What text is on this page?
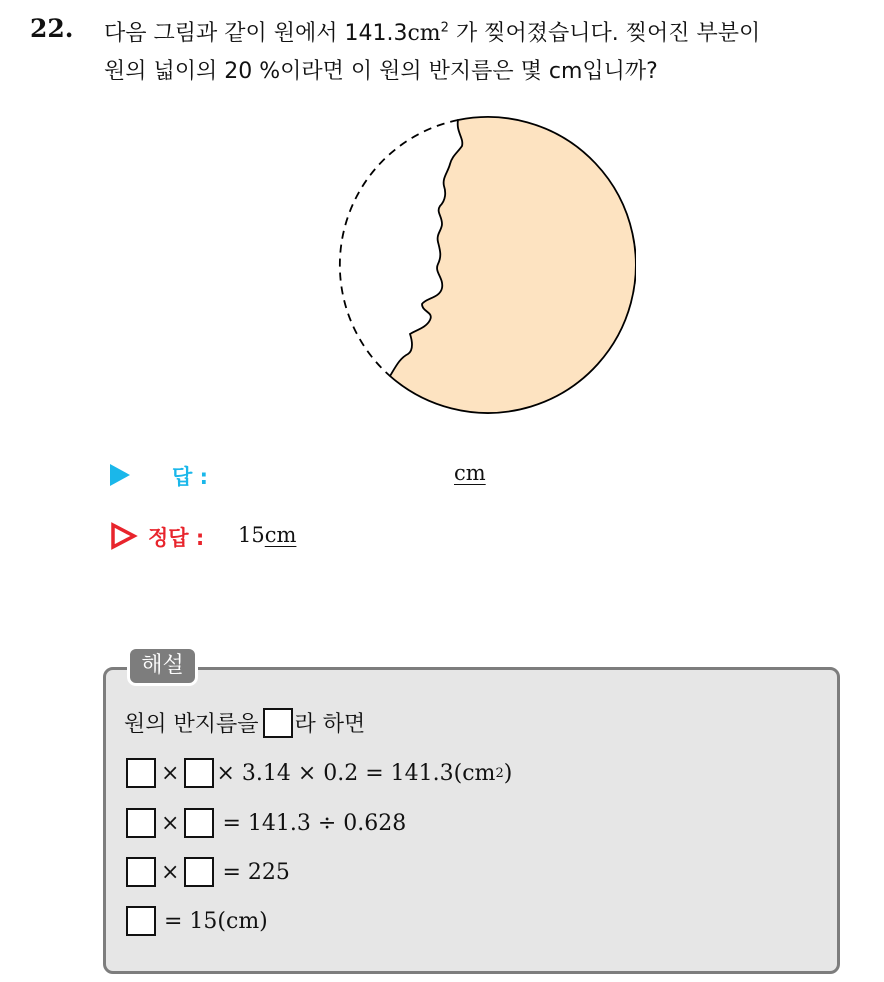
22. 다음 그림과 같이 원에서 $141.3cm^2$ 가 찢어졌습니다. 찢어진 부분이
원의 넓이의 20 %이라면 이 원의 반지름은 몇 cm입니까?
답 :	cm
정답 : 15cm
해설
원의 반지름을 라 하면
× × 3.14 × 0.2 = 141.3(cm 2 )
× = 141.3 ÷ 0.628
× = 225
= 15(cm)
